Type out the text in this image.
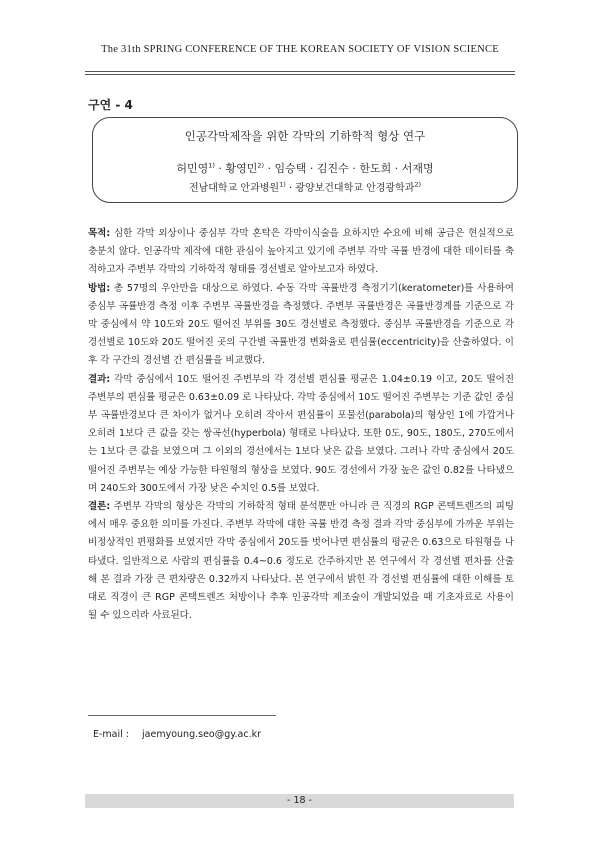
The 31th SPRING CONFERENCE OF THE KOREAN SOCIETY OF VISION SCIENCE
구연 - 4
인공각막제작을 위한 각막의 기하학적 형상 연구
허민영$^{1)}$ · 황영민$^{2)}$ · 임승택 · 김진수 · 한도희 · 서재명
전남대학교 안과병원$^{1)}$ · 광양보건대학교 안경광학과$^{2)}$

목적: 심한 각막 외상이나 중심부 각막 혼탁은 각막이식술을 요하지만 수요에 비해 공급은 현실적으로 충분치 않다. 인공각막 제작에 대한 관심이 높아지고 있기에 주변부 각막 곡률 반경에 대한 데이터를 축적하고자 주변부 각막의 기하학적 형태를 경선별로 알아보고자 하였다.

방법: 총 57명의 우안만을 대상으로 하였다. 수동 각막 곡률반경 측정기기(keratometer)를 사용하여 중심부 곡률반경 측정 이후 주변부 곡률반경을 측정했다. 주변부 곡률반경은 곡률반경계를 기준으로 각막 중심에서 약 10도와 20도 떨어진 부위를 30도 경선별로 측정했다. 중심부 곡률반경을 기준으로 각 경선별로 10도와 20도 떨어진 곳의 구간별 곡률반경 변화율로 편심률(eccentricity)을 산출하였다. 이후 각 구간의 경선별 간 편심률을 비교했다.

결과: 각막 중심에서 10도 떨어진 주변부의 각 경선별 편심률 평균은 1.04±0.19 이고, 20도 떨어진 주변부의 편심률 평균은 0.63±0.09 로 나타났다. 각막 중심에서 10도 떨어진 주변부는 기준 값인 중심부 곡률반경보다 큰 차이가 없거나 오히려 작아서 편심률이 포물선(parabola)의 형상인 1에 가깝거나 오히려 1보다 큰 값을 갖는 쌍곡선(hyperbola) 형태로 나타났다. 또한 0도, 90도, 180도, 270도에서는 1보다 큰 값을 보였으며 그 이외의 경선에서는 1보다 낮은 값을 보였다. 그러나 각막 중심에서 20도 떨어진 주변부는 예상 가능한 타원형의 형상을 보였다. 90도 경선에서 가장 높은 값인 0.82를 나타냈으며 240도와 300도에서 가장 낮은 수치인 0.5를 보였다.

결론: 주변부 각막의 형상은 각막의 기하학적 형태 분석뿐만 아니라 큰 직경의 RGP 콘택트렌즈의 피팅에서 매우 중요한 의미를 가진다. 주변부 각막에 대한 곡률 반경 측정 결과 각막 중심부에 가까운 부위는 비정상적인 편평화를 보였지만 각막 중심에서 20도를 벗어나면 편심률의 평균은 0.63으로 타원형을 나타냈다. 일반적으로 사람의 편심률을 0.4~0.6 정도로 간주하지만 본 연구에서 각 경선별 편차를 산출해 본 결과 가장 큰 편차량은 0.32까지 나타났다. 본 연구에서 밝힌 각 경선별 편심률에 대한 이해를 토대로 직경이 큰 RGP 콘택트렌즈 처방이나 추후 인공각막 제조술이 개발되었을 때 기초자료로 사용이 될 수 있으리라 사료된다.

E-mail : jaemyoung.seo@gy.ac.kr
- 18 -
